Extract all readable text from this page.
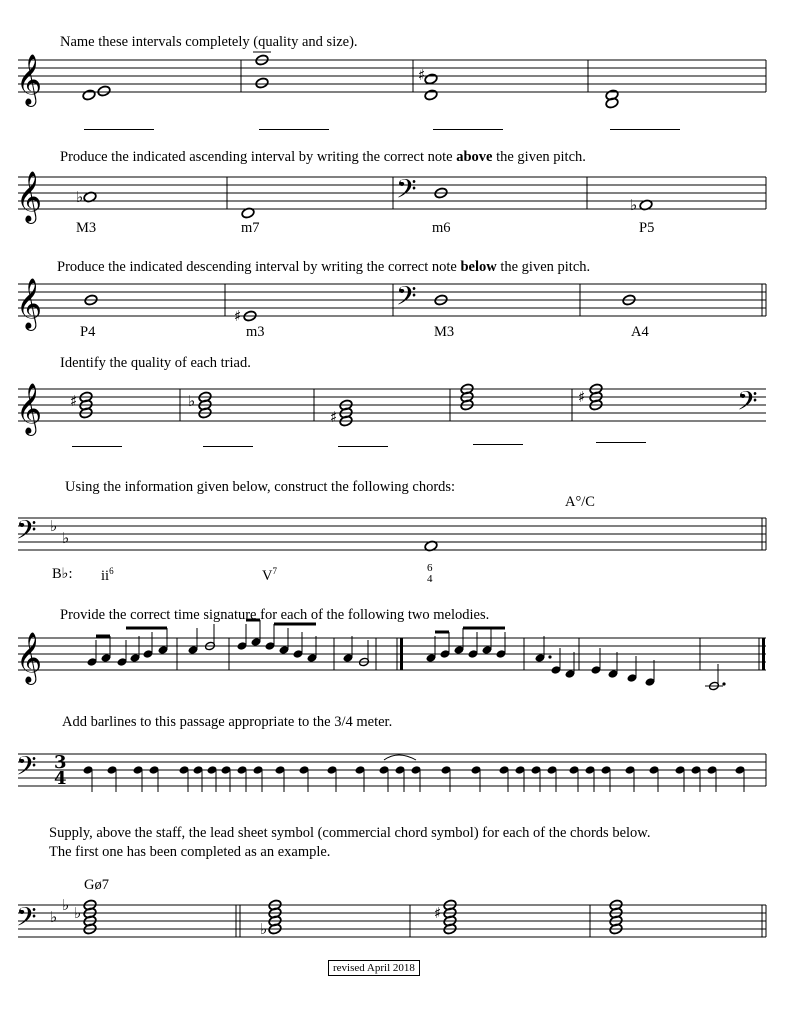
Name these intervals completely (quality and size).
Produce the indicated ascending interval by writing the correct note above the given pitch.
Produce the indicated descending interval by writing the correct note below the given pitch.
Identify the quality of each triad.
Using the information given below, construct the following chords:
Provide the correct time signature for each of the following two melodies.
Add barlines to this passage appropriate to the 3/4 meter.
Supply, above the staff, the lead sheet symbol (commercial chord symbol) for each of the chords below.
The first one has been completed as an example.
M3	m7	m6	P5
P4	m3	M3	A4
A°/C
B♭: $ii^6$	$V^7$	6
4
Gø7
𝄞	♯
𝄞 ♭	𝄢	♭
𝄞	♯	𝄢
𝄞 ♯	♭
♯
♯	𝄢
𝄢 ♭
♭
𝄞
𝄢 3
4
𝄢 ♭
♭ ♭
♭
♯
revised April 2018
